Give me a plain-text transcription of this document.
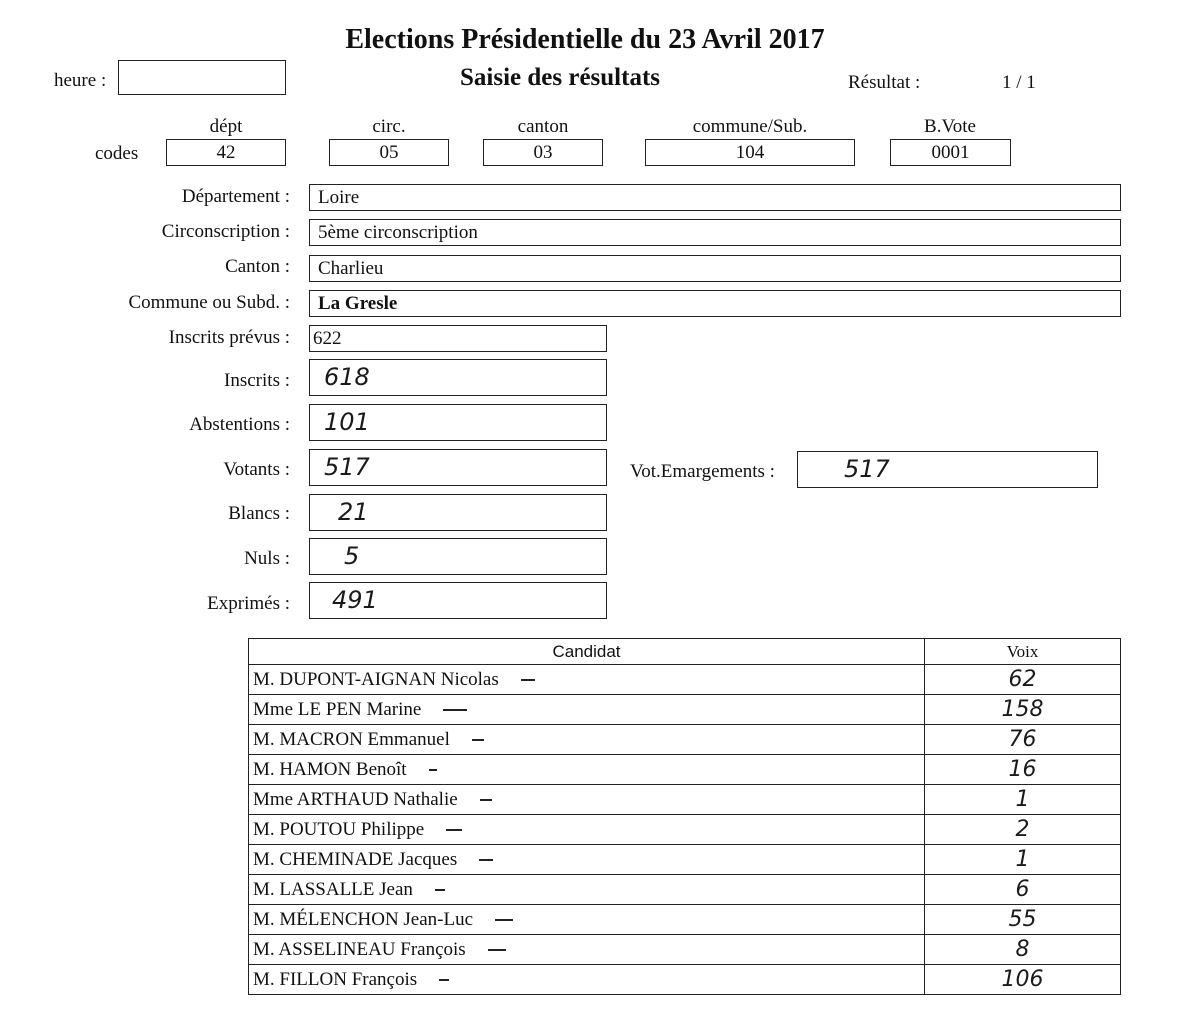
Elections Présidentielle du 23 Avril 2017
Saisie des résultats
heure :	Résultat :	1 / 1
dépt	circ.	canton	commune/Sub.	B.Vote
codes	42	05	03	104	0001
Département :	Loire
Circonscription :	5ème circonscription
Canton :	Charlieu
Commune ou Subd. :	La Gresle
Inscrits prévus : 622
Inscrits :	618
Abstentions :	101
Votants :	517	Vot.Emargements :	517
Blancs :	21
Nuls :	5
Exprimés :	491
Candidat	Voix
M. DUPONT-AIGNAN Nicolas	62
Mme LE PEN Marine	158
M. MACRON Emmanuel	76
M. HAMON Benoît	16
Mme ARTHAUD Nathalie	1
M. POUTOU Philippe	2
M. CHEMINADE Jacques	1
M. LASSALLE Jean	6
M. MÉLENCHON Jean-Luc	55
M. ASSELINEAU François	8
M. FILLON François	106
